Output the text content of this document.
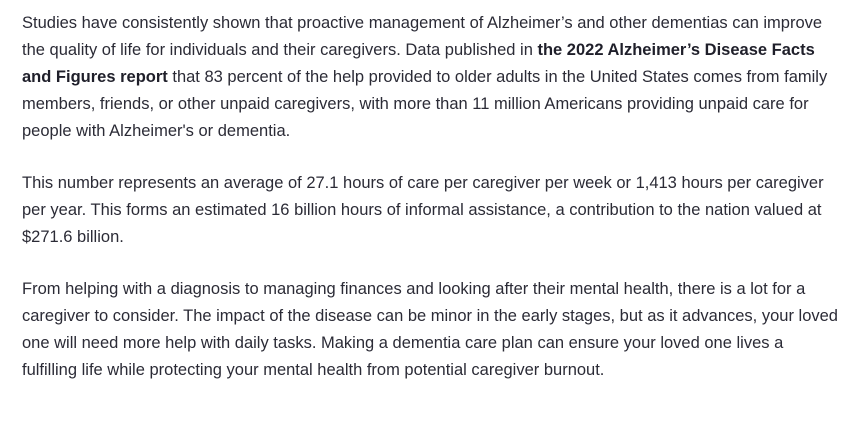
Studies have consistently shown that proactive management of Alzheimer’s and other dementias can improve the quality of life for individuals and their caregivers. Data published in the 2022 Alzheimer’s Disease Facts and Figures report that 83 percent of the help provided to older adults in the United States comes from family members, friends, or other unpaid caregivers, with more than 11 million Americans providing unpaid care for people with Alzheimer's or dementia.

This number represents an average of 27.1 hours of care per caregiver per week or 1,413 hours per caregiver per year. This forms an estimated 16 billion hours of informal assistance, a contribution to the nation valued at $271.6 billion.

From helping with a diagnosis to managing finances and looking after their mental health, there is a lot for a caregiver to consider. The impact of the disease can be minor in the early stages, but as it advances, your loved one will need more help with daily tasks. Making a dementia care plan can ensure your loved one lives a fulfilling life while protecting your mental health from potential caregiver burnout.
